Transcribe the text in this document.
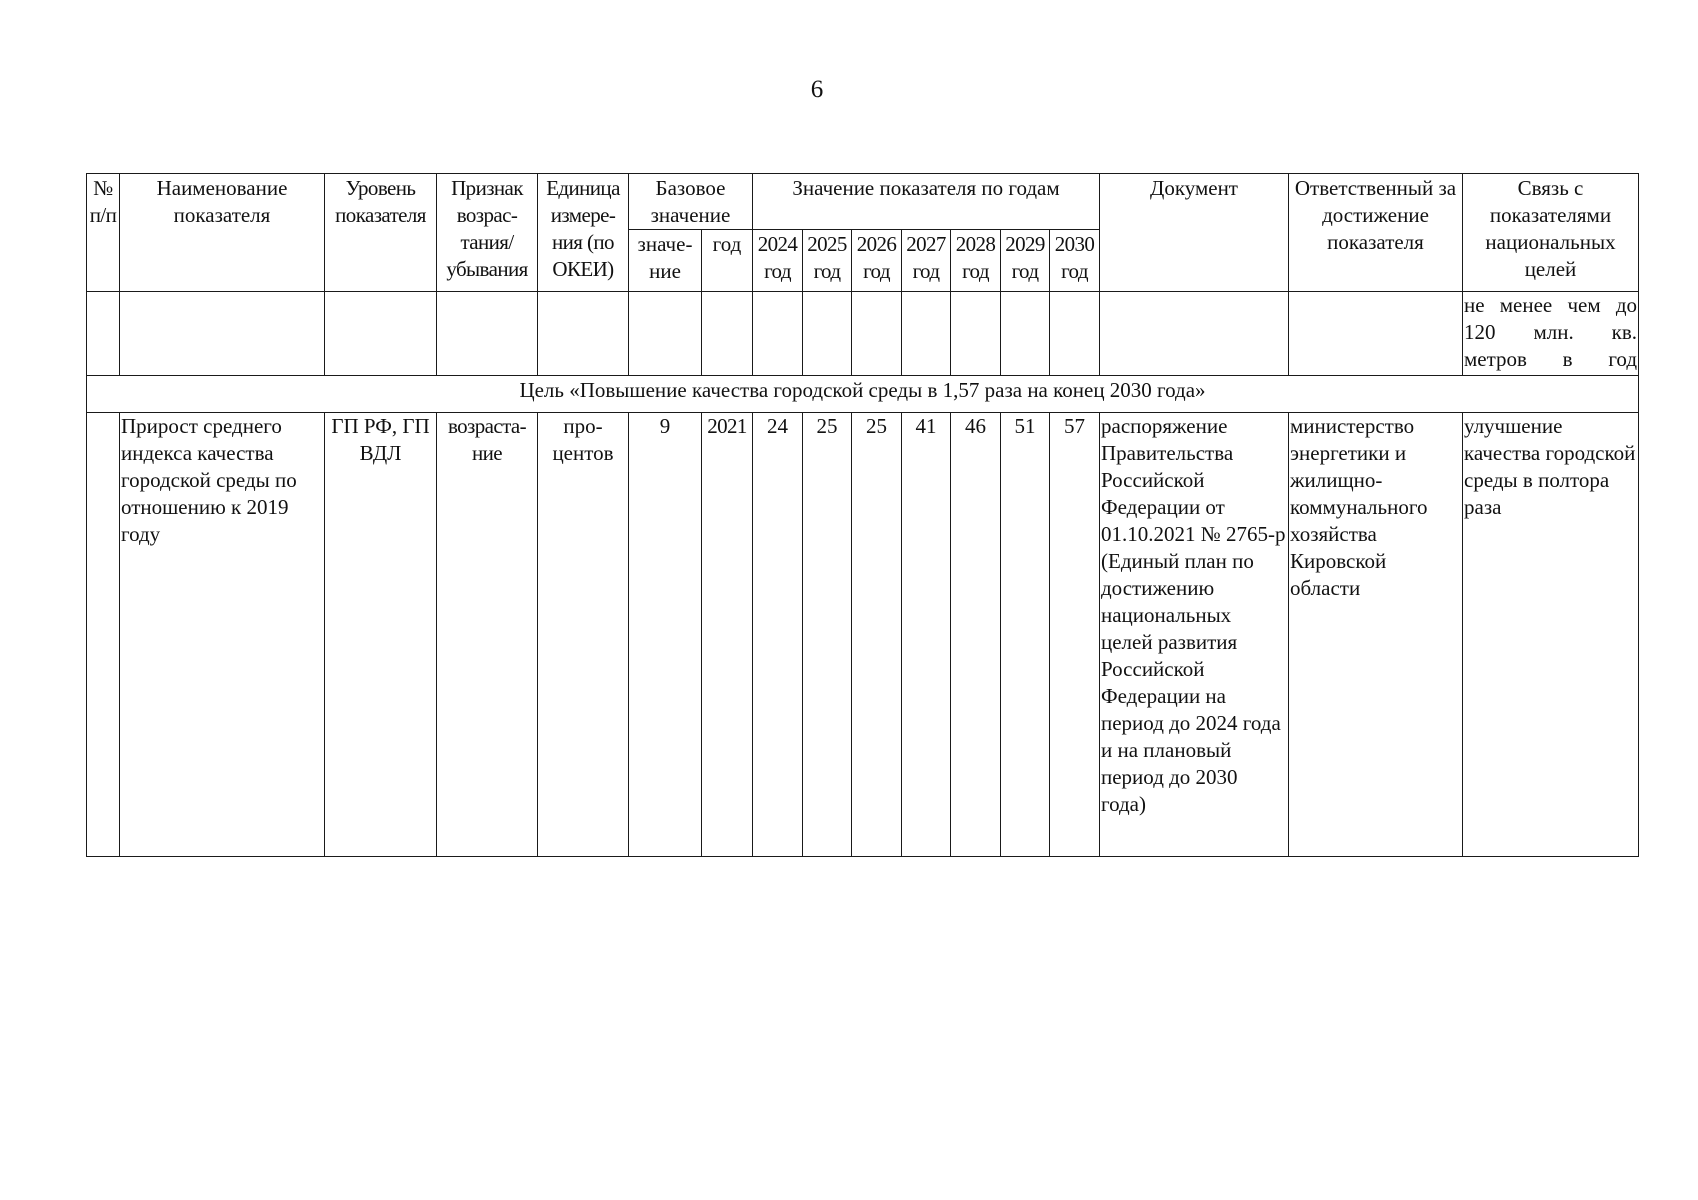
6
№ п/п	Наименование показателя	Уровень показателя	Признак возрас- тания/ убывания	Единица измере- ния (по ОКЕИ)	Базовое значение		Значение показателя по годам							Документ	Ответственный за достижение показателя	Связь с показателями национальных целей
					значе- ние	год	2024 год	2025 год	2026 год	2027 год	2028 год	2029 год	2030 год			
																не менее чем до 120 млн. кв. метров в год
Цель «Повышение качества городской среды в 1,57 раза на конец 2030 года»																
	Прирост среднего индекса качества городской среды по отношению к 2019 году	ГП РФ, ГП ВДЛ	возраста- ние	про- центов	9	2021	24	25	25	41	46	51	57	распоряжение Правительства Российской Федерации от 01.10.2021 № 2765-р (Единый план по достижению национальных целей развития Российской Федерации на период до 2024 года и на плановый период до 2030 года)	министерство энергетики и жилищно-коммунального хозяйства Кировской области	улучшение качества городской среды в полтора раза
